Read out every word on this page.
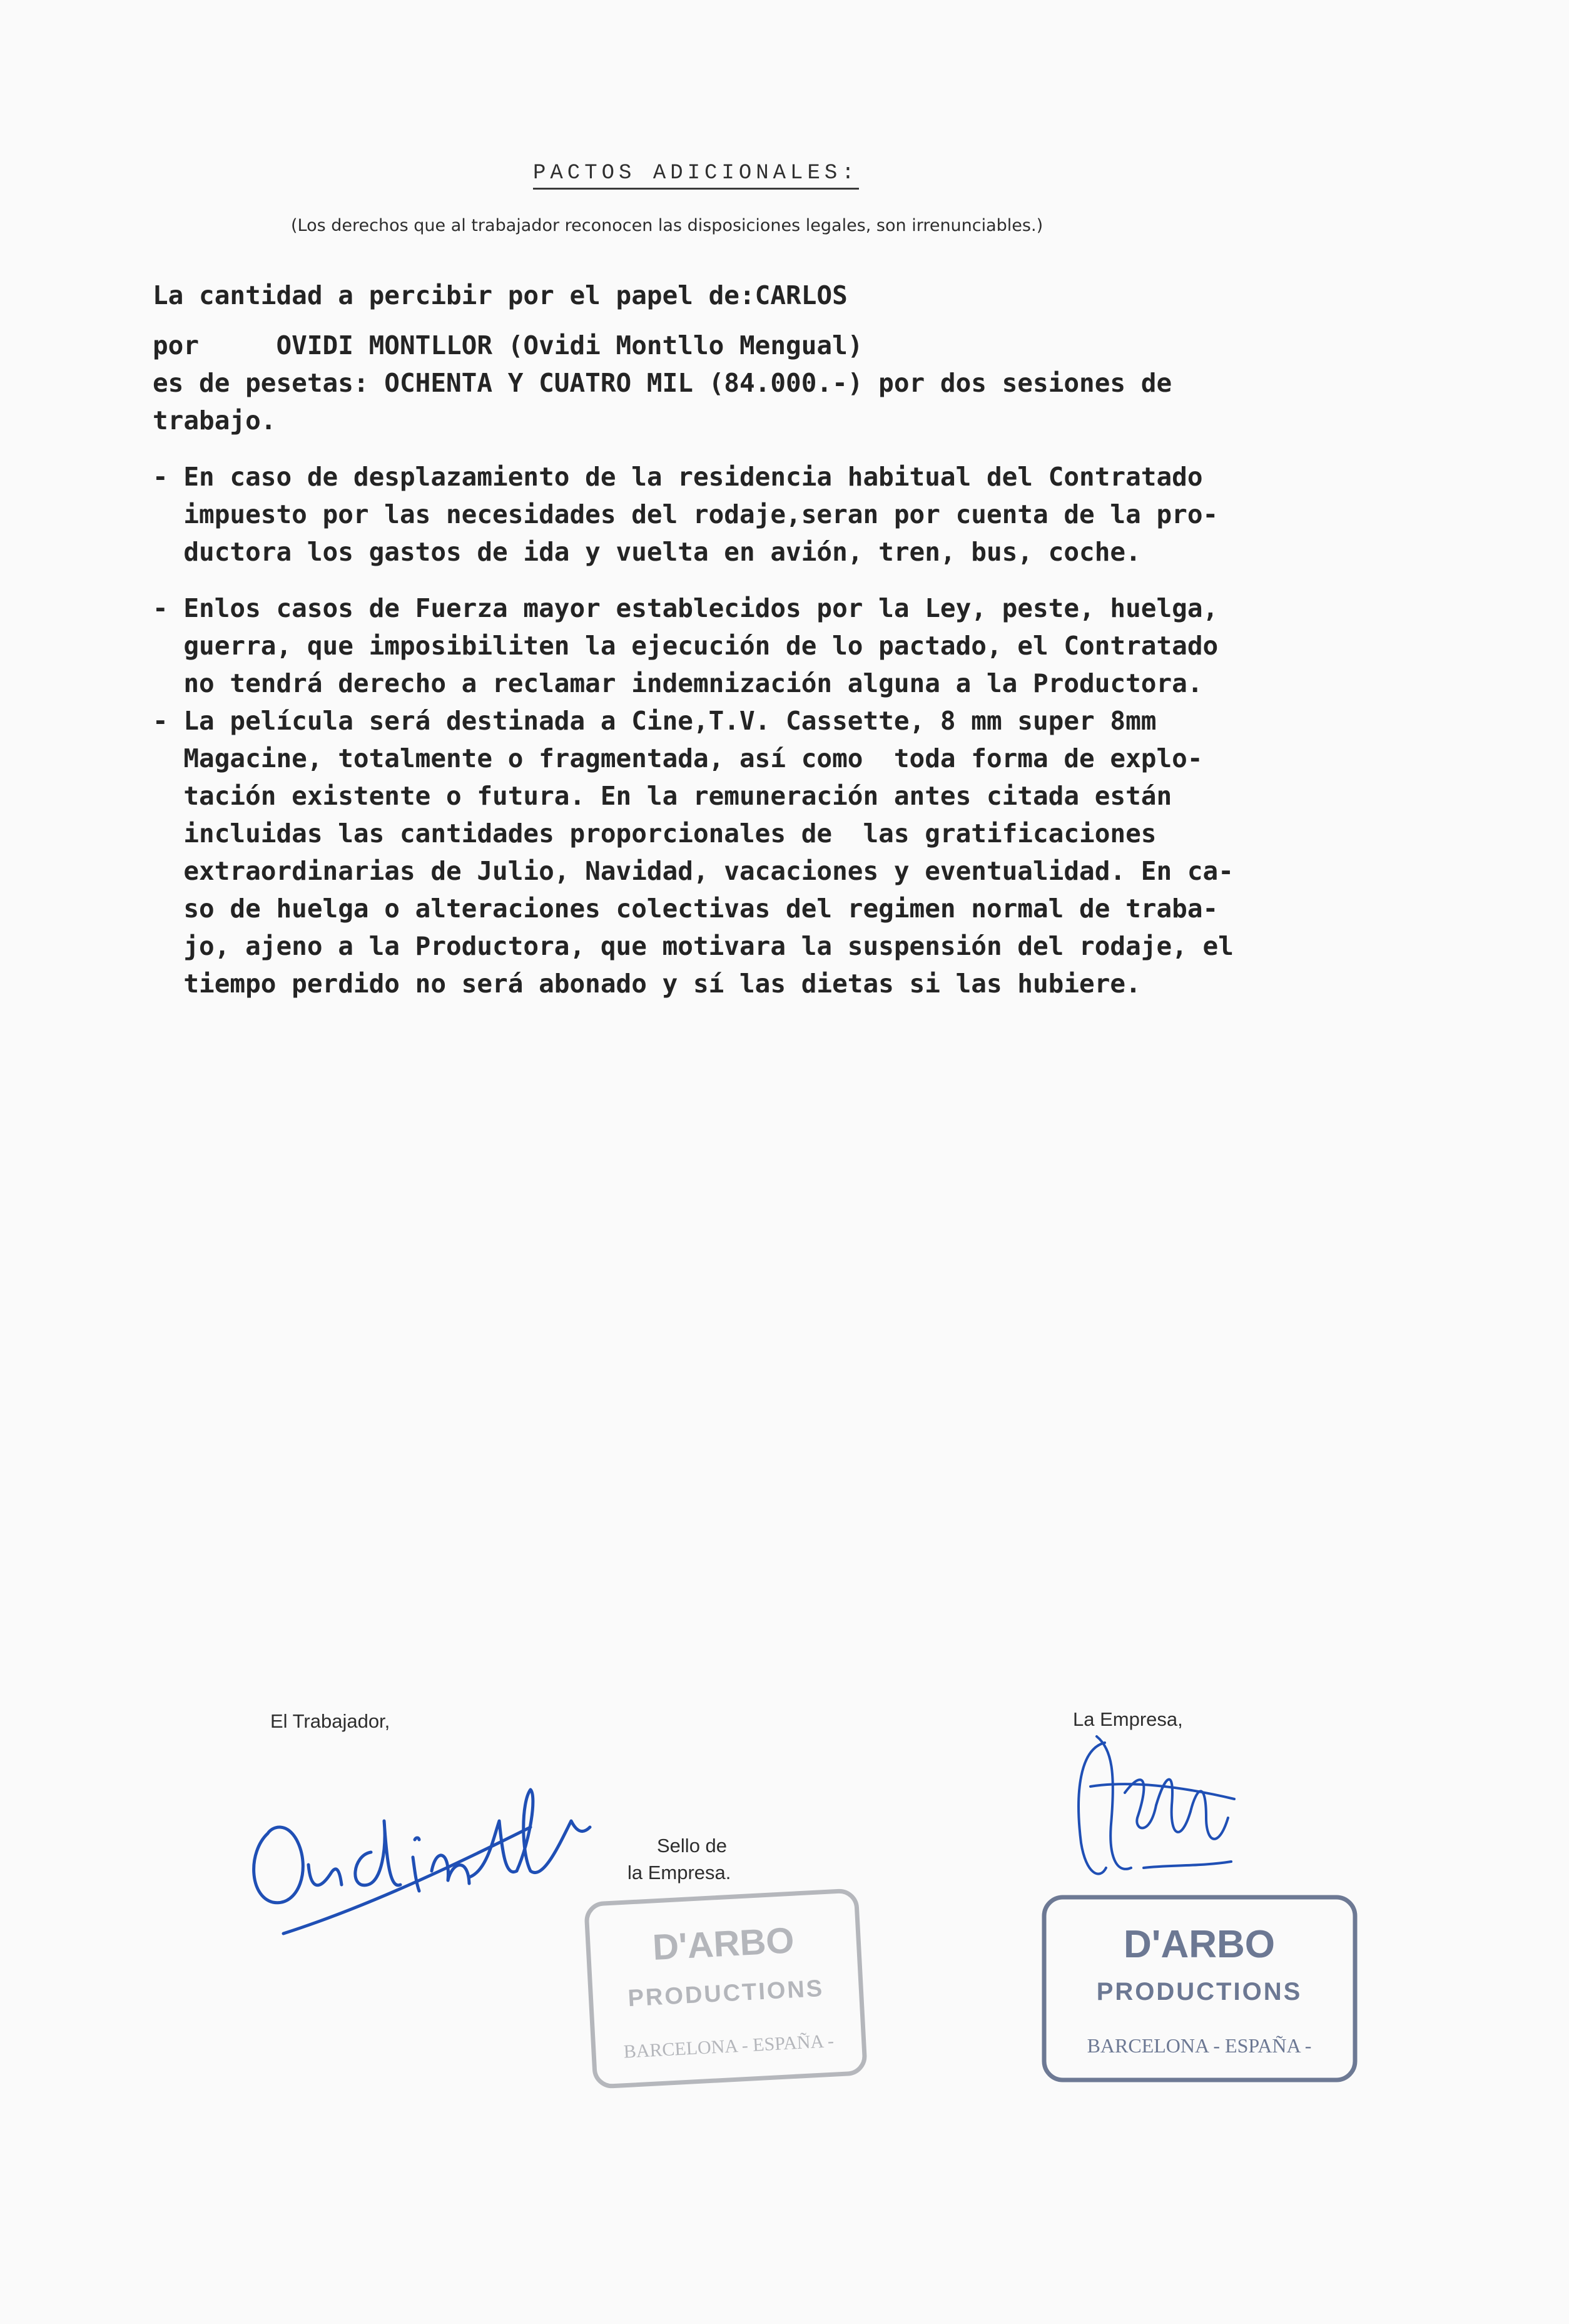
PACTOS ADICIONALES:
(Los derechos que al trabajador reconocen las disposiciones legales, son irrenunciables.)
La cantidad a percibir por el papel de:CARLOS
por     OVIDI MONTLLOR (Ovidi Montllo Mengual)
es de pesetas: OCHENTA Y CUATRO MIL (84.000.-) por dos sesiones de
trabajo.
- En caso de desplazamiento de la residencia habitual del Contratado
impuesto por las necesidades del rodaje,seran por cuenta de la pro-
ductora los gastos de ida y vuelta en avión, tren, bus, coche.
- Enlos casos de Fuerza mayor establecidos por la Ley, peste, huelga,
guerra, que imposibiliten la ejecución de lo pactado, el Contratado
no tendrá derecho a reclamar indemnización alguna a la Productora.
- La película será destinada a Cine,T.V. Cassette, 8 mm super 8mm
Magacine, totalmente o fragmentada, así como  toda forma de explo-
tación existente o futura. En la remuneración antes citada están
incluidas las cantidades proporcionales de  las gratificaciones
extraordinarias de Julio, Navidad, vacaciones y eventualidad. En ca-
so de huelga o alteraciones colectivas del regimen normal de traba-
jo, ajeno a la Productora, que motivara la suspensión del rodaje, el
tiempo perdido no será abonado y sí las dietas si las hubiere.
El Trabajador,	La Empresa,
Sello de
la Empresa.
D'ARBO
PRODUCTIONS
BARCELONA - ESPAÑA -
D'ARBO
PRODUCTIONS
BARCELONA - ESPAÑA -
